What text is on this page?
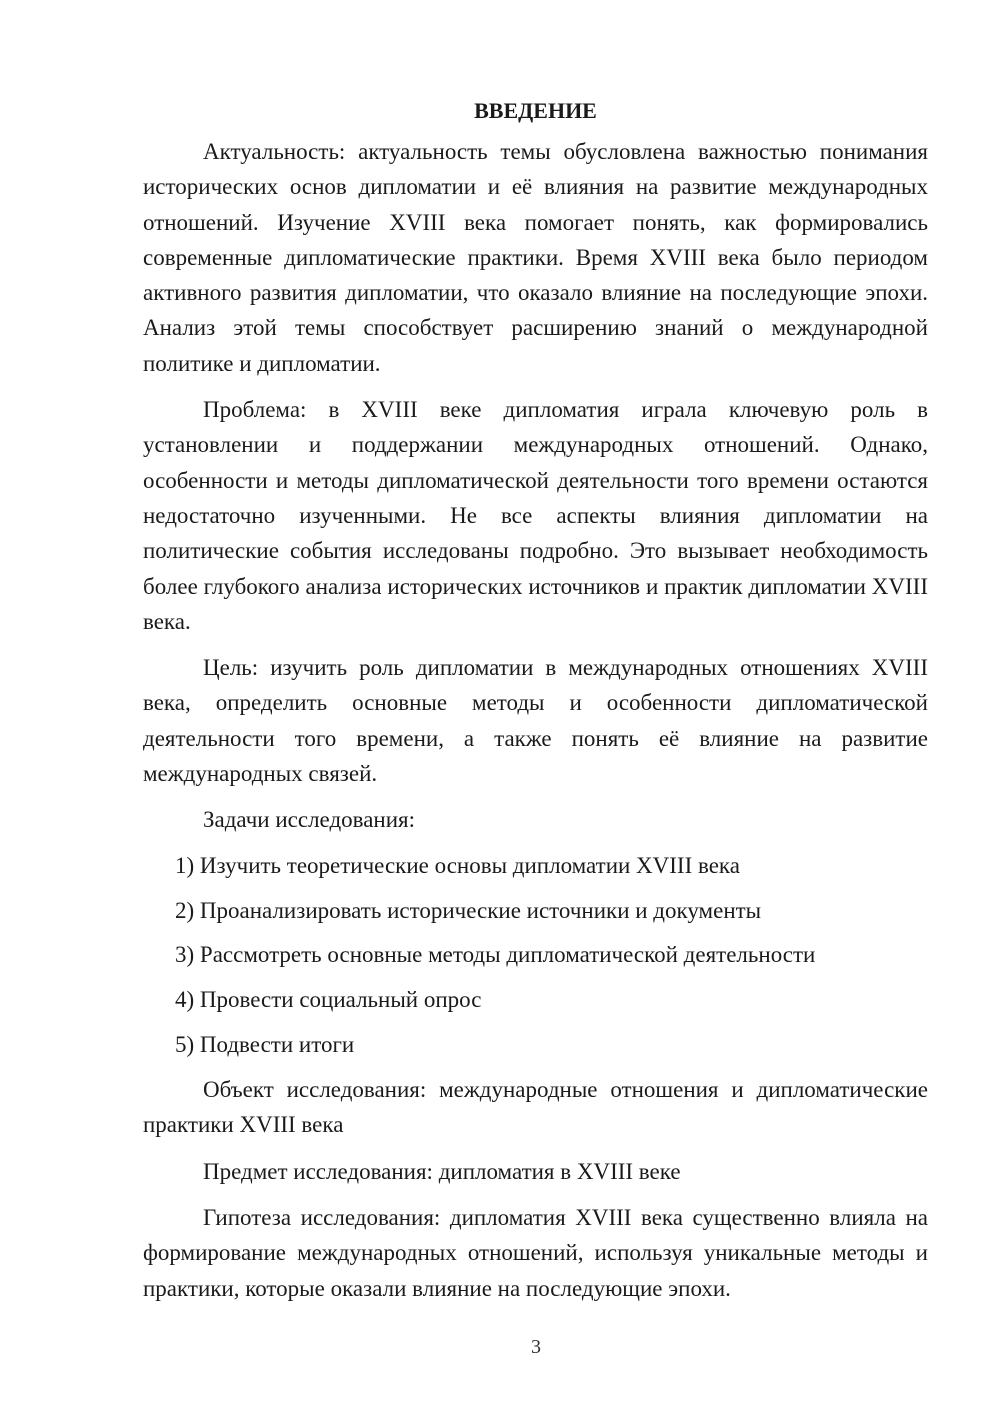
ВВЕДЕНИЕ

Актуальность: актуальность темы обусловлена важностью понимания исторических основ дипломатии и её влияния на развитие международных отношений. Изучение XVIII века помогает понять, как формировались современные дипломатические практики. Время XVIII века было периодом активного развития дипломатии, что оказало влияние на последующие эпохи. Анализ этой темы способствует расширению знаний о международной политике и дипломатии.

Проблема: в XVIII веке дипломатия играла ключевую роль в установлении и поддержании международных отношений. Однако, особенности и методы дипломатической деятельности того времени остаются недостаточно изученными. Не все аспекты влияния дипломатии на политические события исследованы подробно. Это вызывает необходимость более глубокого анализа исторических источников и практик дипломатии XVIII века.

Цель: изучить роль дипломатии в международных отношениях XVIII века, определить основные методы и особенности дипломатической деятельности того времени, а также понять её влияние на развитие международных связей.

Задачи исследования:
1) Изучить теоретические основы дипломатии XVIII века
2) Проанализировать исторические источники и документы
3) Рассмотреть основные методы дипломатической деятельности
4) Провести социальный опрос
5) Подвести итоги

Объект исследования: международные отношения и дипломатические практики XVIII века

Предмет исследования: дипломатия в XVIII веке

Гипотеза исследования: дипломатия XVIII века существенно влияла на формирование международных отношений, используя уникальные методы и практики, которые оказали влияние на последующие эпохи.

3
